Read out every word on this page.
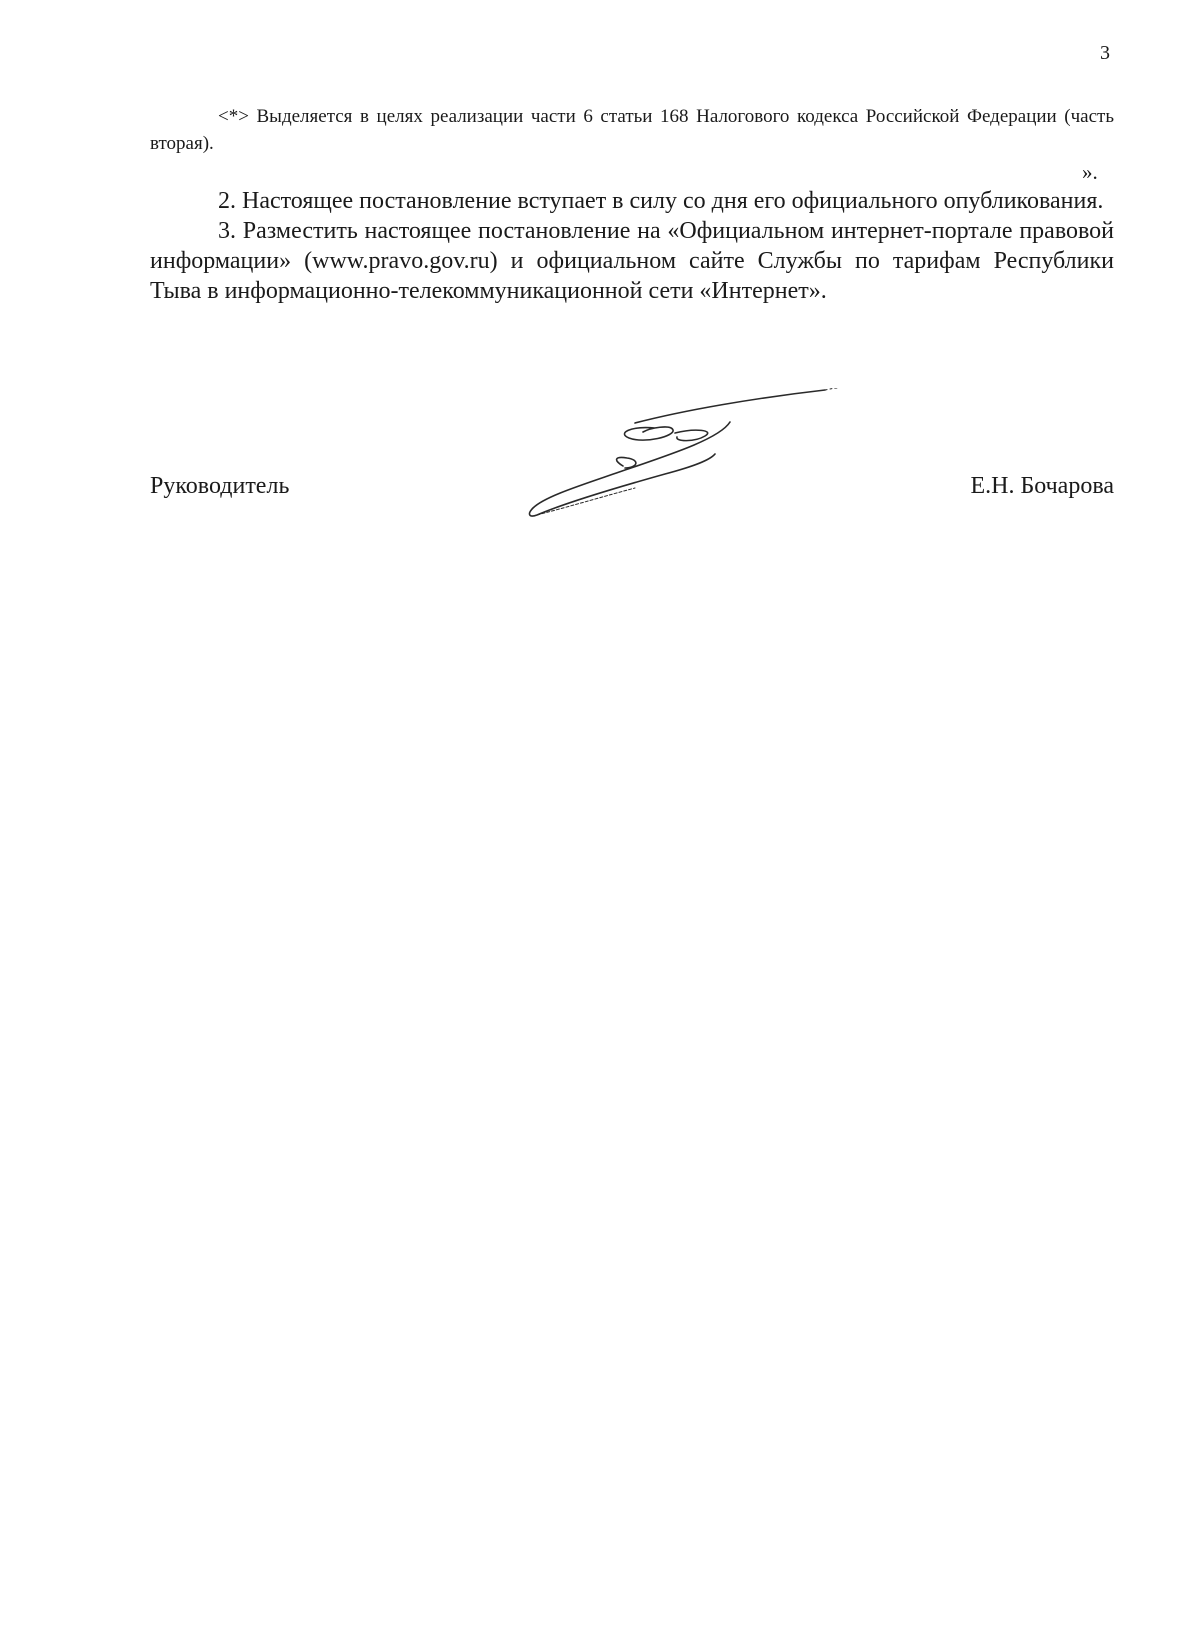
3

<*> Выделяется в целях реализации части 6 статьи 168 Налогового кодекса Российской Федерации (часть вторая).

».

2. Настоящее постановление вступает в силу со дня его официального опубликования.

3. Разместить настоящее постановление на «Официальном интернет-портале правовой информации» (www.pravo.gov.ru) и официальном сайте Службы по тарифам Республики Тыва в информационно-телекоммуникационной сети «Интернет».

Руководитель	Е.Н. Бочарова
